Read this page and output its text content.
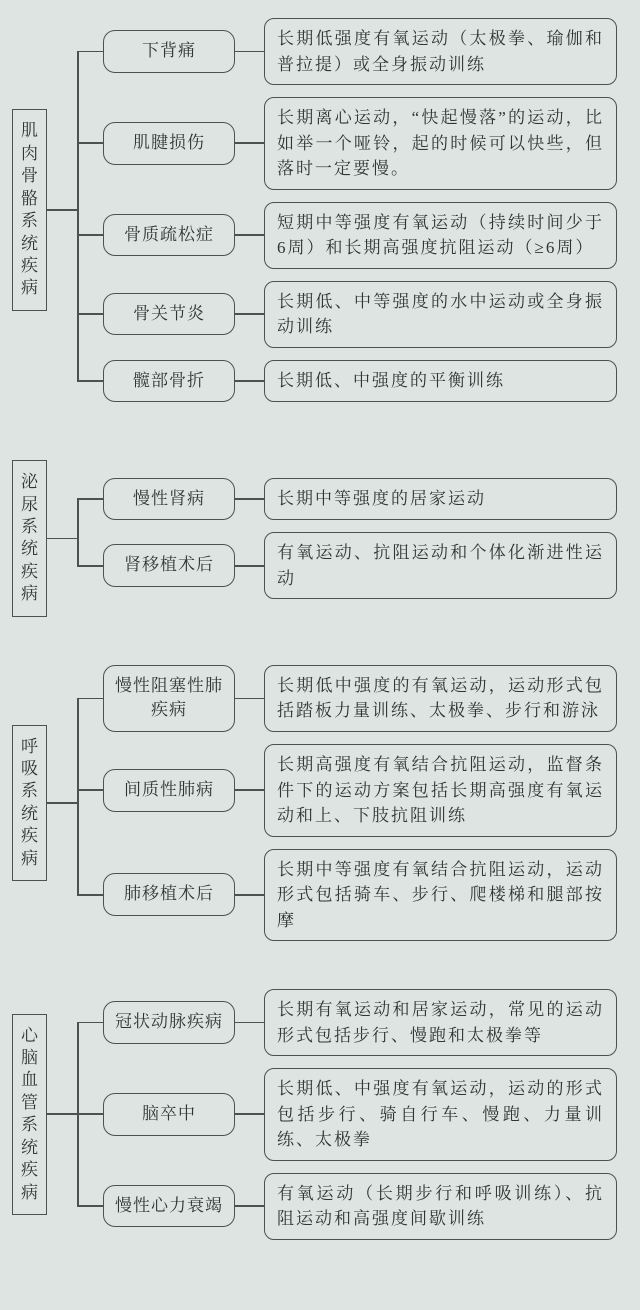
肌肉骨骼系统疾病
下背痛
长期低强度有氧运动（太极拳、瑜伽和普拉提）或全身振动训练
肌腱损伤
长期离心运动，“快起慢落”的运动，比如举一个哑铃，起的时候可以快些，但落时一定要慢。
骨质疏松症
短期中等强度有氧运动（持续时间少于6周）和长期高强度抗阻运动（≥6周）
骨关节炎
长期低、中等强度的水中运动或全身振动训练
髋部骨折	长期低、中强度的平衡训练
泌尿系统疾病
慢性肾病	长期中等强度的居家运动
肾移植术后
有氧运动、抗阻运动和个体化渐进性运动
呼吸系统疾病
慢性阻塞性肺疾病
长期低中强度的有氧运动，运动形式包括踏板力量训练、太极拳、步行和游泳
间质性肺病
长期高强度有氧结合抗阻运动，监督条件下的运动方案包括长期高强度有氧运动和上、下肢抗阻训练
肺移植术后
长期中等强度有氧结合抗阻运动，运动形式包括骑车、步行、爬楼梯和腿部按摩
心脑血管系统疾病
冠状动脉疾病
长期有氧运动和居家运动，常见的运动形式包括步行、慢跑和太极拳等
脑卒中
长期低、中强度有氧运动，运动的形式包括步行、骑自行车、慢跑、力量训练、太极拳
慢性心力衰竭
有氧运动（长期步行和呼吸训练）、抗阻运动和高强度间歇训练
